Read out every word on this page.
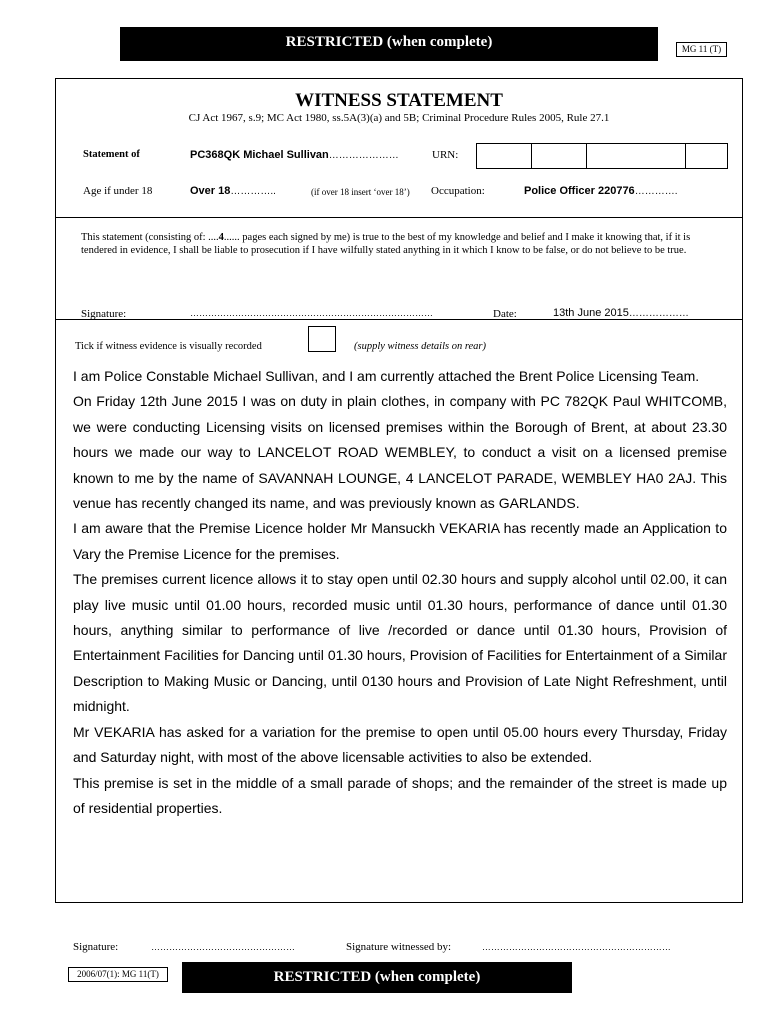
RESTRICTED (when complete)	MG 11 (T)
WITNESS STATEMENT
CJ Act 1967, s.9; MC Act 1980, ss.5A(3)(a) and 5B; Criminal Procedure Rules 2005, Rule 27.1
Statement of	PC368QK Michael Sullivan…………………	URN:
Age if under 18	Over 18…………..	(if over 18 insert ‘over 18’) Occupation:	Police Officer 220776………….
This statement (consisting of: ....4...... pages each signed by me) is true to the best of my knowledge and belief and I make it knowing that, if it is tendered in evidence, I shall be liable to prosecution if I have wilfully stated anything in it which I know to be false, or do not believe to be true.
Signature:	………………………………………………………………………	Date:	13th June 2015………………
Tick if witness evidence is visually recorded	(supply witness details on rear)

I am Police Constable Michael Sullivan, and I am currently attached the Brent Police Licensing Team.

On Friday 12th June 2015 I was on duty in plain clothes, in company with PC 782QK Paul WHITCOMB, we were conducting Licensing visits on licensed premises within the Borough of Brent, at about 23.30 hours we made our way to LANCELOT ROAD WEMBLEY, to conduct a visit on a licensed premise known to me by the name of SAVANNAH LOUNGE, 4 LANCELOT PARADE, WEMBLEY HA0 2AJ. This venue has recently changed its name, and was previously known as GARLANDS.

I am aware that the Premise Licence holder Mr Mansuckh VEKARIA has recently made an Application to Vary the Premise Licence for the premises.

The premises current licence allows it to stay open until 02.30 hours and supply alcohol until 02.00, it can play live music until 01.00 hours, recorded music until 01.30 hours, performance of dance until 01.30 hours, anything similar to performance of live /recorded or dance until 01.30 hours, Provision of Entertainment Facilities for Dancing until 01.30 hours, Provision of Facilities for Entertainment of a Similar Description to Making Music or Dancing, until 0130 hours and Provision of Late Night Refreshment, until midnight.

Mr VEKARIA has asked for a variation for the premise to open until 05.00 hours every Thursday, Friday and Saturday night, with most of the above licensable activities to also be extended.

This premise is set in the middle of a small parade of shops; and the remainder of the street is made up of residential properties.

Signature:	…………………………………………	Signature witnessed by:	………………………………………………………
2006/07(1): MG 11(T)	RESTRICTED (when complete)
